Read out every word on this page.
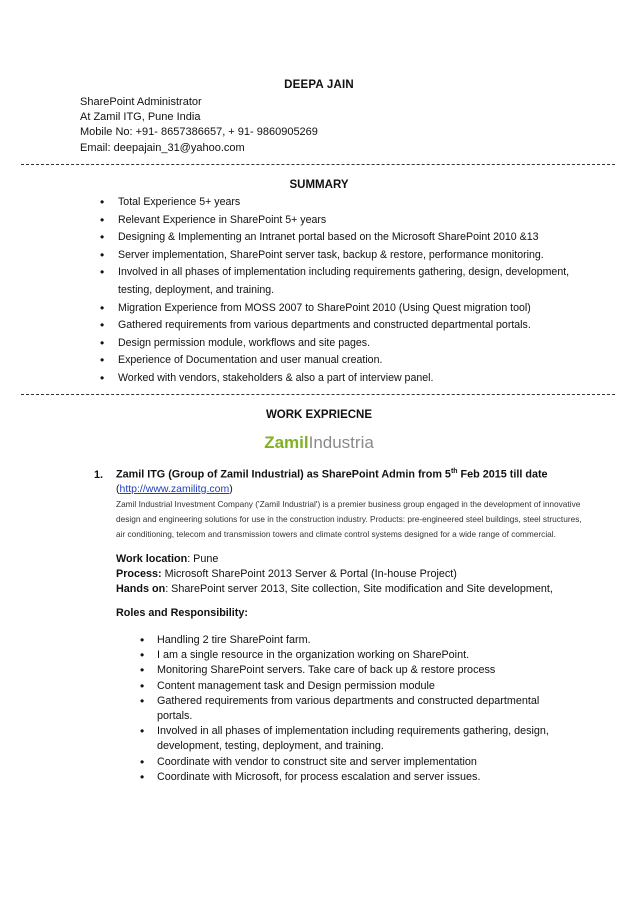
DEEPA JAIN
SharePoint Administrator
At Zamil ITG, Pune India
Mobile No: +91- 8657386657, + 91- 9860905269
Email: deepajain_31@yahoo.com
SUMMARY
• Total Experience 5+ years
• Relevant Experience in SharePoint 5+ years
• Designing & Implementing an Intranet portal based on the Microsoft SharePoint 2010 &13
• Server implementation, SharePoint server task, backup & restore, performance monitoring.
• Involved in all phases of implementation including requirements gathering, design, development, testing, deployment, and training.
• Migration Experience from MOSS 2007 to SharePoint 2010 (Using Quest migration tool)
• Gathered requirements from various departments and constructed departmental portals.
• Design permission module, workflows and site pages.
• Experience of Documentation and user manual creation.
• Worked with vendors, stakeholders & also a part of interview panel.
WORK EXPRIECNE
ZamilIndustria
1. Zamil ITG (Group of Zamil Industrial) as SharePoint Admin from 5th Feb 2015 till date
(http://www.zamilitg.com)
Zamil Industrial Investment Company ('Zamil Industrial') is a premier business group engaged in the development of innovative design and engineering solutions for use in the construction industry. Products: pre-engineered steel buildings, steel structures, air conditioning, telecom and transmission towers and climate control systems designed for a wide range of commercial.
Work location: Pune
Process: Microsoft SharePoint 2013 Server & Portal (In-house Project)
Hands on: SharePoint server 2013, Site collection, Site modification and Site development,
Roles and Responsibility:
• Handling 2 tire SharePoint farm.
• I am a single resource in the organization working on SharePoint.
• Monitoring SharePoint servers. Take care of back up & restore process
• Content management task and Design permission module
• Gathered requirements from various departments and constructed departmental portals.
• Involved in all phases of implementation including requirements gathering, design, development, testing, deployment, and training.
• Coordinate with vendor to construct site and server implementation
• Coordinate with Microsoft, for process escalation and server issues.
